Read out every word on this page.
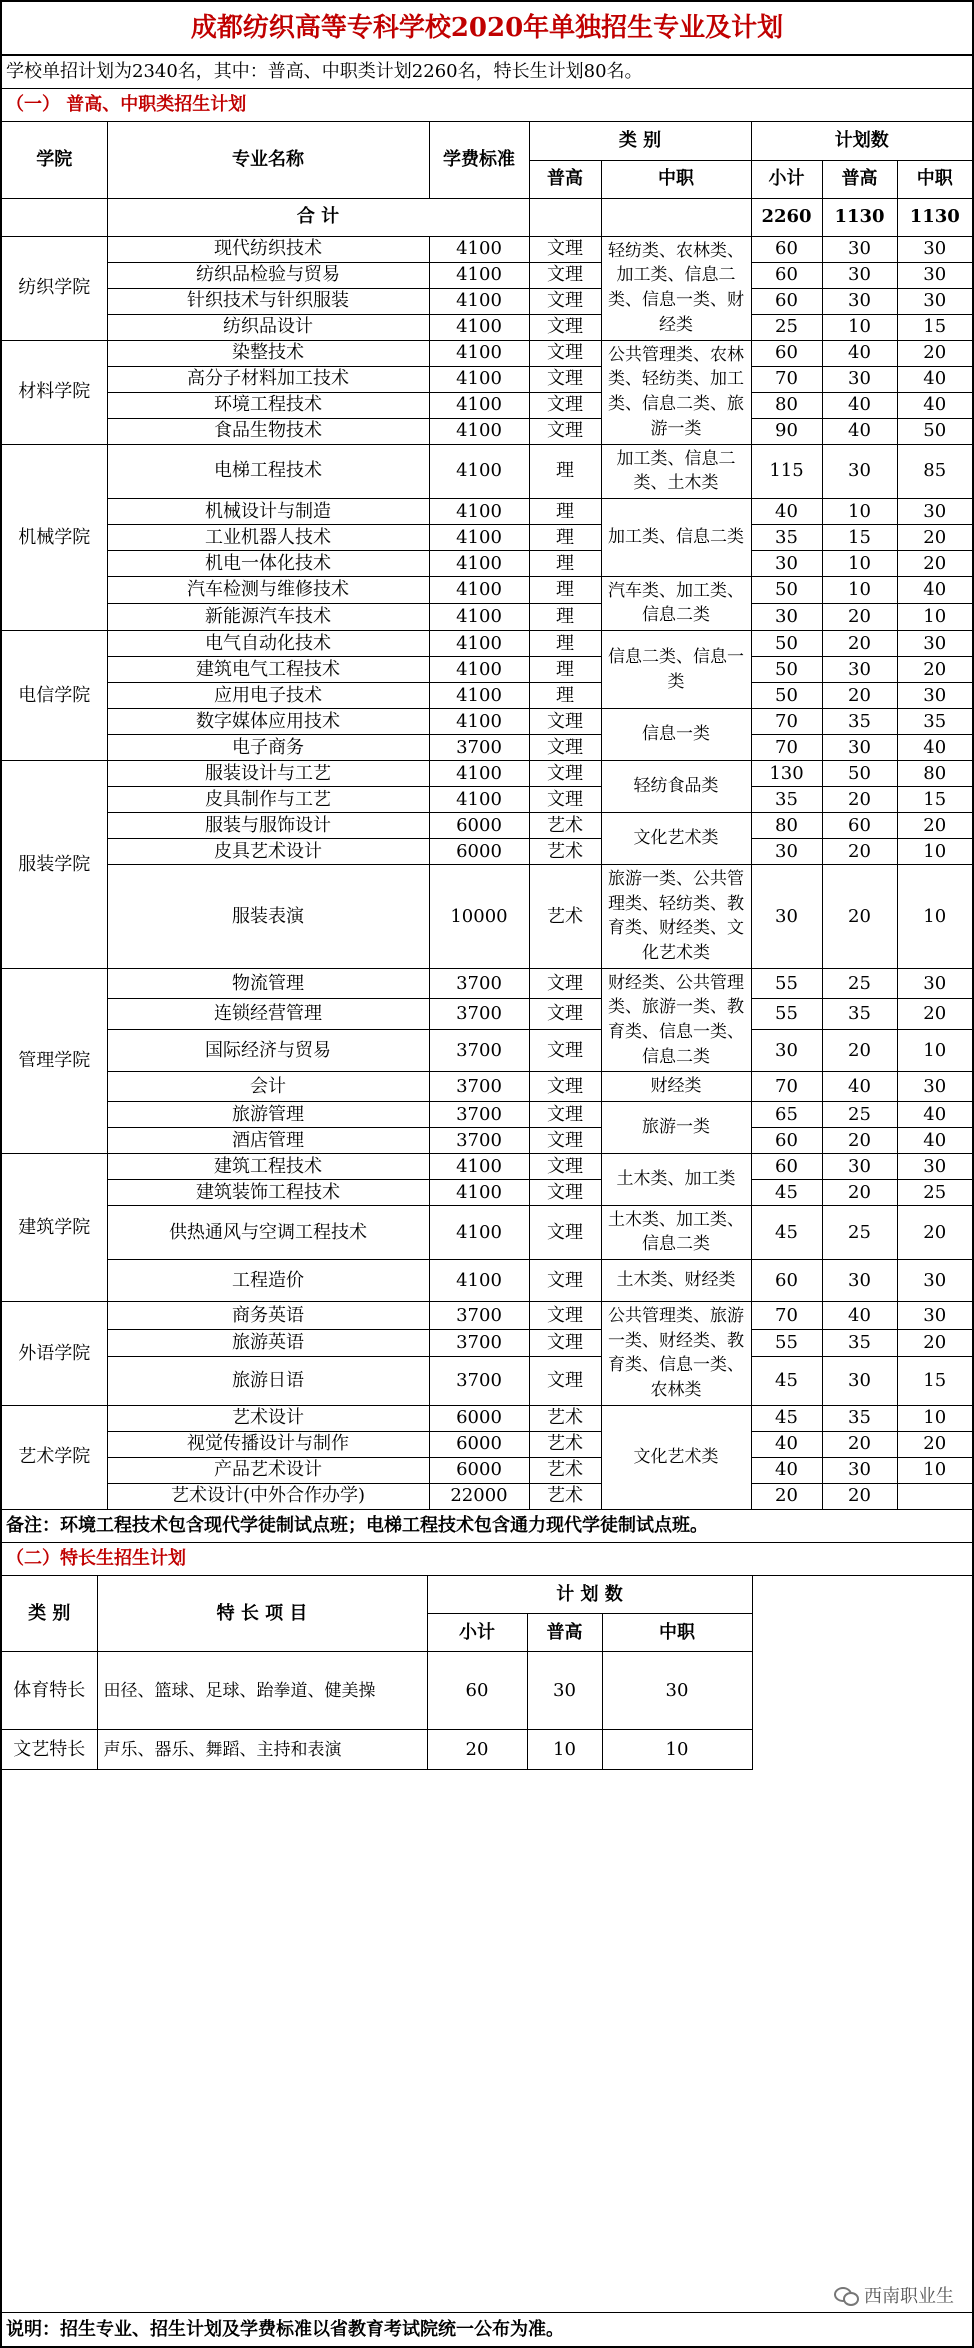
成都纺织高等专科学校2020年单独招生专业及计划
学校单招计划为2340名，其中：普高、中职类计划2260名，特长生计划80名。
（一） 普高、中职类招生计划
学院	专业名称	学费标准	类 别		计划数		
			普高	中职	小计	普高	中职
	合 计				2260	1130	1130
纺织学院	现代纺织技术	4100	文理	轻纺类、农林类、加工类、信息二类、信息一类、财经类	60	30	30
	纺织品检验与贸易	4100	文理		60	30	30
	针织技术与针织服装	4100	文理		60	30	30
	纺织品设计	4100	文理		25	10	15
材料学院	染整技术	4100	文理	公共管理类、农林类、轻纺类、加工类、信息二类、旅游一类	60	40	20
	高分子材料加工技术	4100	文理		70	30	40
	环境工程技术	4100	文理		80	40	40
	食品生物技术	4100	文理		90	40	50
机械学院	电梯工程技术	4100	理	加工类、信息二类、土木类	115	30	85
	机械设计与制造	4100	理	加工类、信息二类	40	10	30
	工业机器人技术	4100	理		35	15	20
	机电一体化技术	4100	理		30	10	20
	汽车检测与维修技术	4100	理	汽车类、加工类、信息二类	50	10	40
	新能源汽车技术	4100	理		30	20	10
电信学院	电气自动化技术	4100	理	信息二类、信息一类	50	20	30
	建筑电气工程技术	4100	理		50	30	20
	应用电子技术	4100	理		50	20	30
	数字媒体应用技术	4100	文理	信息一类	70	35	35
	电子商务	3700	文理		70	30	40
服装学院	服装设计与工艺	4100	文理	轻纺食品类	130	50	80
	皮具制作与工艺	4100	文理		35	20	15
	服装与服饰设计	6000	艺术	文化艺术类	80	60	20
	皮具艺术设计	6000	艺术		30	20	10
	服装表演	10000	艺术	旅游一类、公共管理类、轻纺类、教育类、财经类、文化艺术类	30	20	10
管理学院	物流管理	3700	文理	财经类、公共管理类、旅游一类、教育类、信息一类、信息二类	55	25	30
	连锁经营管理	3700	文理		55	35	20
	国际经济与贸易	3700	文理		30	20	10
	会计	3700	文理	财经类	70	40	30
	旅游管理	3700	文理	旅游一类	65	25	40
	酒店管理	3700	文理		60	20	40
建筑学院	建筑工程技术	4100	文理	土木类、加工类	60	30	30
	建筑装饰工程技术	4100	文理		45	20	25
	供热通风与空调工程技术	4100	文理	土木类、加工类、信息二类	45	25	20
	工程造价	4100	文理	土木类、财经类	60	30	30
外语学院	商务英语	3700	文理	公共管理类、旅游一类、财经类、教育类、信息一类、农林类	70	40	30
	旅游英语	3700	文理		55	35	20
	旅游日语	3700	文理		45	30	15
艺术学院	艺术设计	6000	艺术	文化艺术类	45	35	10
	视觉传播设计与制作	6000	艺术		40	20	20
	产品艺术设计	6000	艺术		40	30	10
	艺术设计(中外合作办学)	22000	艺术		20	20	
备注：环境工程技术包含现代学徒制试点班；电梯工程技术包含通力现代学徒制试点班。
（二）特长生招生计划
类 别	特 长 项 目	计 划 数		
		小计	普高	中职
体育特长	田径、篮球、足球、跆拳道、健美操	60	30	30
文艺特长	声乐、器乐、舞蹈、主持和表演	20	10	10
西南职业生
说明：招生专业、招生计划及学费标准以省教育考试院统一公布为准。
